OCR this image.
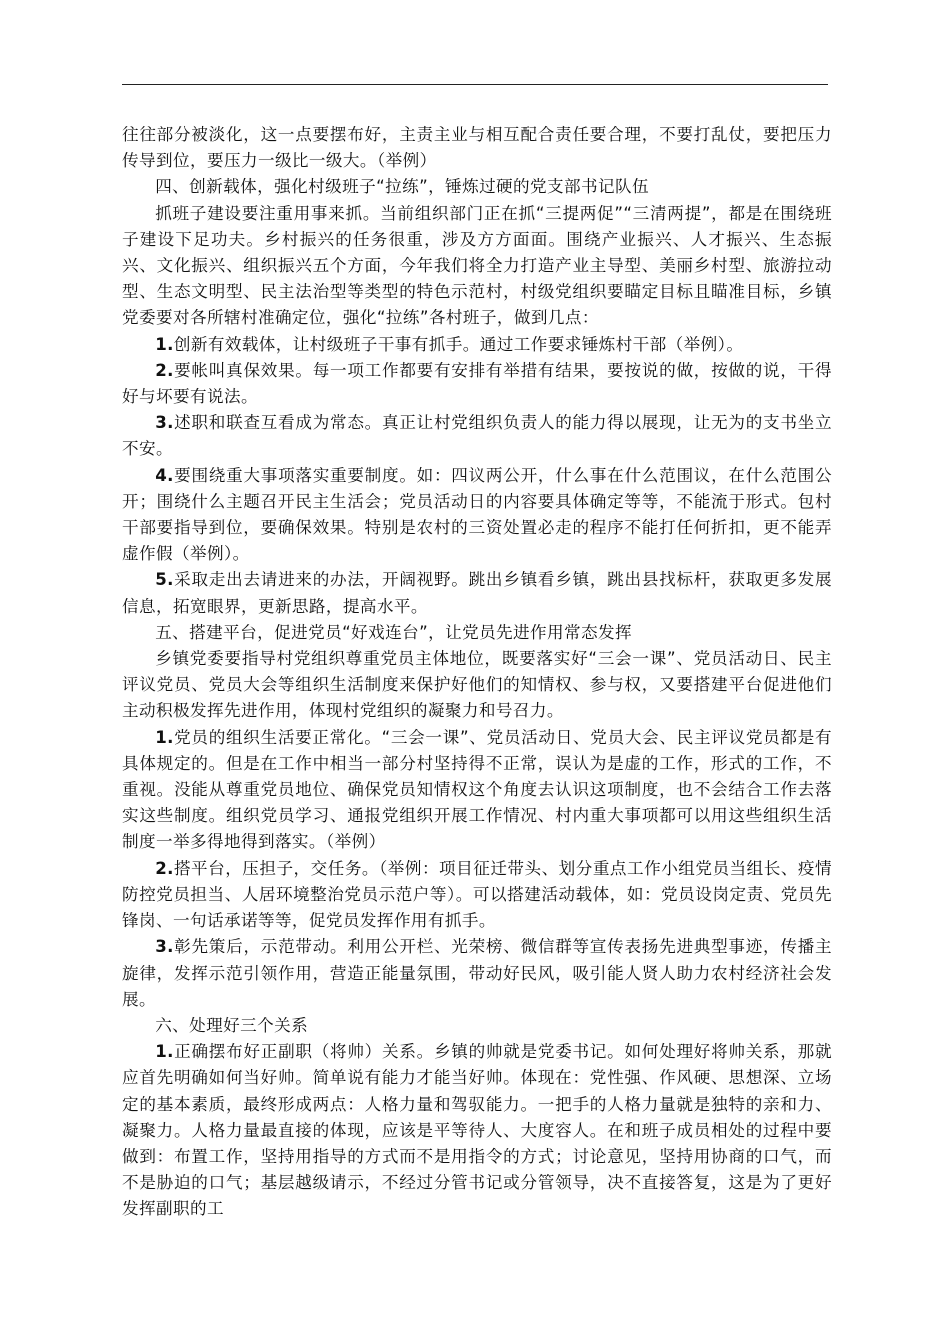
往往部分被淡化，这一点要摆布好，主责主业与相互配合责任要合理，不要打乱仗，要把压力传导到位，要压力一级比一级大。（举例）

四、创新载体，强化村级班子“拉练”，锤炼过硬的党支部书记队伍

抓班子建设要注重用事来抓。当前组织部门正在抓“三提两促”“三清两提”，都是在围绕班子建设下足功夫。乡村振兴的任务很重，涉及方方面面。围绕产业振兴、人才振兴、生态振兴、文化振兴、组织振兴五个方面，今年我们将全力打造产业主导型、美丽乡村型、旅游拉动型、生态文明型、民主法治型等类型的特色示范村，村级党组织要瞄定目标且瞄准目标，乡镇党委要对各所辖村准确定位，强化“拉练”各村班子，做到几点：

1.创新有效载体，让村级班子干事有抓手。通过工作要求锤炼村干部（举例）。

2.要帐叫真保效果。每一项工作都要有安排有举措有结果，要按说的做，按做的说，干得好与坏要有说法。

3.述职和联查互看成为常态。真正让村党组织负责人的能力得以展现，让无为的支书坐立不安。

4.要围绕重大事项落实重要制度。如：四议两公开，什么事在什么范围议，在什么范围公开；围绕什么主题召开民主生活会；党员活动日的内容要具体确定等等，不能流于形式。包村干部要指导到位，要确保效果。特别是农村的三资处置必走的程序不能打任何折扣，更不能弄虚作假（举例）。

5.采取走出去请进来的办法，开阔视野。跳出乡镇看乡镇，跳出县找标杆，获取更多发展信息，拓宽眼界，更新思路，提高水平。

五、搭建平台，促进党员“好戏连台”，让党员先进作用常态发挥

乡镇党委要指导村党组织尊重党员主体地位，既要落实好“三会一课”、党员活动日、民主评议党员、党员大会等组织生活制度来保护好他们的知情权、参与权，又要搭建平台促进他们主动积极发挥先进作用，体现村党组织的凝聚力和号召力。

1.党员的组织生活要正常化。“三会一课”、党员活动日、党员大会、民主评议党员都是有具体规定的。但是在工作中相当一部分村坚持得不正常，误认为是虚的工作，形式的工作，不重视。没能从尊重党员地位、确保党员知情权这个角度去认识这项制度，也不会结合工作去落实这些制度。组织党员学习、通报党组织开展工作情况、村内重大事项都可以用这些组织生活制度一举多得地得到落实。（举例）

2.搭平台，压担子，交任务。（举例：项目征迁带头、划分重点工作小组党员当组长、疫情防控党员担当、人居环境整治党员示范户等）。可以搭建活动载体，如：党员设岗定责、党员先锋岗、一句话承诺等等，促党员发挥作用有抓手。

3.彰先策后，示范带动。利用公开栏、光荣榜、微信群等宣传表扬先进典型事迹，传播主旋律，发挥示范引领作用，营造正能量氛围，带动好民风，吸引能人贤人助力农村经济社会发展。

六、处理好三个关系

1.正确摆布好正副职（将帅）关系。乡镇的帅就是党委书记。如何处理好将帅关系，那就应首先明确如何当好帅。简单说有能力才能当好帅。体现在：党性强、作风硬、思想深、立场定的基本素质，最终形成两点：人格力量和驾驭能力。一把手的人格力量就是独特的亲和力、凝聚力。人格力量最直接的体现，应该是平等待人、大度容人。在和班子成员相处的过程中要做到：布置工作，坚持用指导的方式而不是用指令的方式；讨论意见，坚持用协商的口气，而不是胁迫的口气；基层越级请示，不经过分管书记或分管领导，决不直接答复，这是为了更好发挥副职的工
